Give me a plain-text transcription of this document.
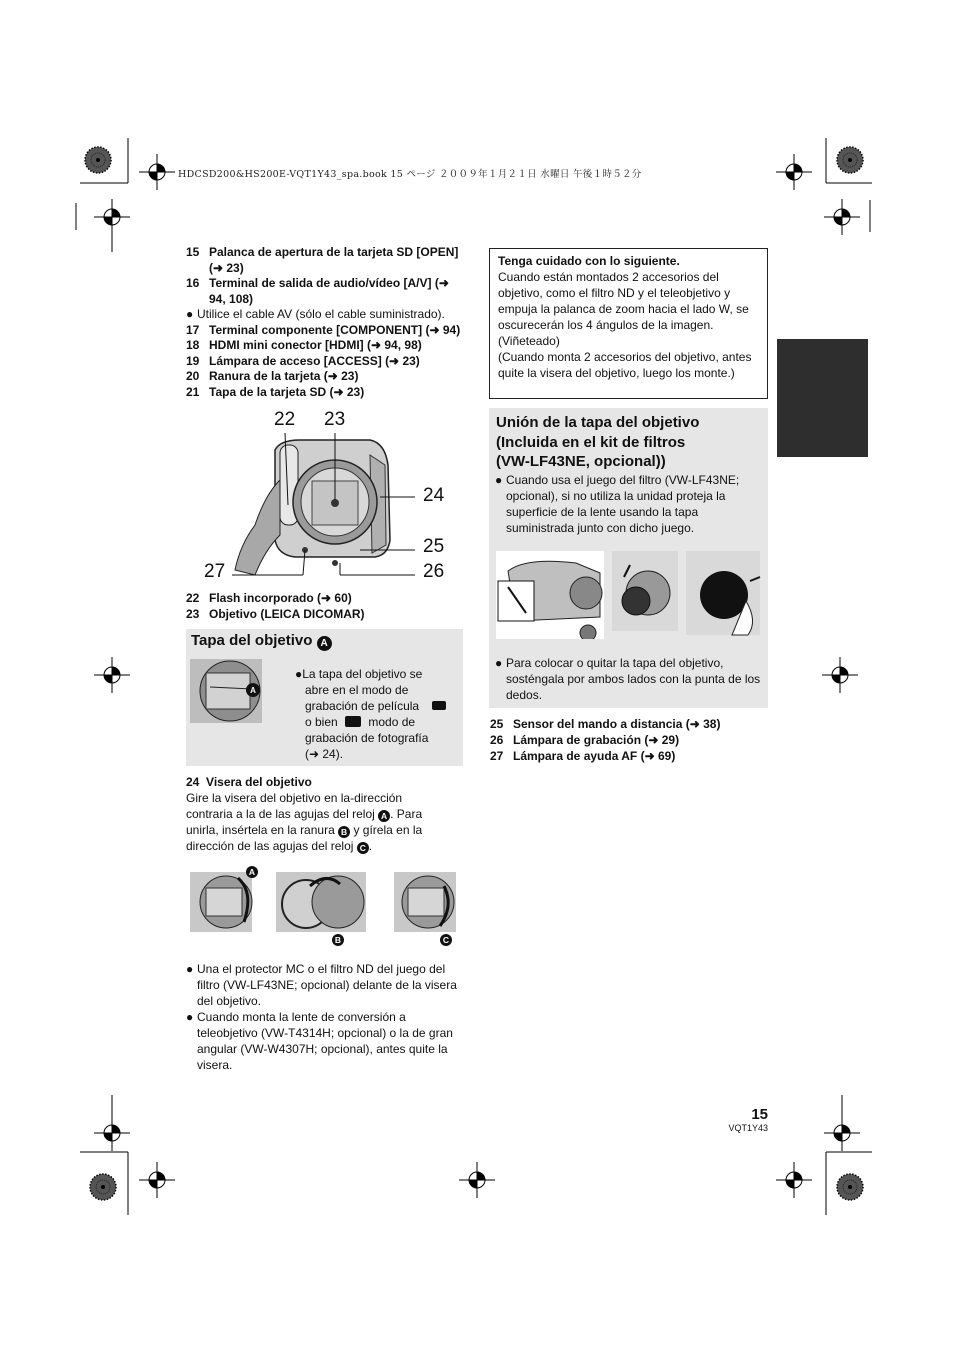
HDCSD200&HS200E-VQT1Y43_spa.book 15 ページ ２００９年１月２１日 水曜日 午後１時５２分
15 Palanca de apertura de la tarjeta SD [OPEN] (➜ 23)
16 Terminal de salida de audio/vídeo [A/V] (➜ 94, 108)
● Utilice el cable AV (sólo el cable suministrado).
17 Terminal componente [COMPONENT] (➜ 94)
18 HDMI mini conector [HDMI] (➜ 94, 98)
19 Lámpara de acceso [ACCESS] (➜ 23)
20 Ranura de la tarjeta (➜ 23)
21 Tapa de la tarjeta SD (➜ 23)
22 23
24
25
26
27
22 Flash incorporado (➜ 60)
23 Objetivo (LEICA DICOMAR)
Tapa del objetivo A
A
●La tapa del objetivo se
abre en el modo de
grabación de película
o bien	modo de
grabación de fotografía
(➜ 24).
24 Visera del objetivo
Gire la visera del objetivo en la-dirección
contraria a la de las agujas del reloj A . Para
unirla, insértela en la ranura B y gírela en la
dirección de las agujas del reloj C .
A
B	C
● Una el protector MC o el filtro ND del juego del filtro (VW-LF43NE; opcional) delante de la visera del objetivo.
● Cuando monta la lente de conversión a teleobjetivo (VW-T4314H; opcional) o la de gran angular (VW-W4307H; opcional), antes quite la visera.
Tenga cuidado con lo siguiente.
Cuando están montados 2 accesorios del objetivo, como el filtro ND y el teleobjetivo y empuja la palanca de zoom hacia el lado W, se oscurecerán los 4 ángulos de la imagen. (Viñeteado)
(Cuando monta 2 accesorios del objetivo, antes quite la visera del objetivo, luego los monte.)
Unión de la tapa del objetivo
(Incluida en el kit de filtros
(VW-LF43NE, opcional))
● Cuando usa el juego del filtro (VW-LF43NE; opcional), si no utiliza la unidad proteja la superficie de la lente usando la tapa suministrada junto con dicho juego.
● Para colocar o quitar la tapa del objetivo, sosténgala por ambos lados con la punta de los dedos.
25 Sensor del mando a distancia (➜ 38)
26 Lámpara de grabación (➜ 29)
27 Lámpara de ayuda AF (➜ 69)
15
VQT1Y43
